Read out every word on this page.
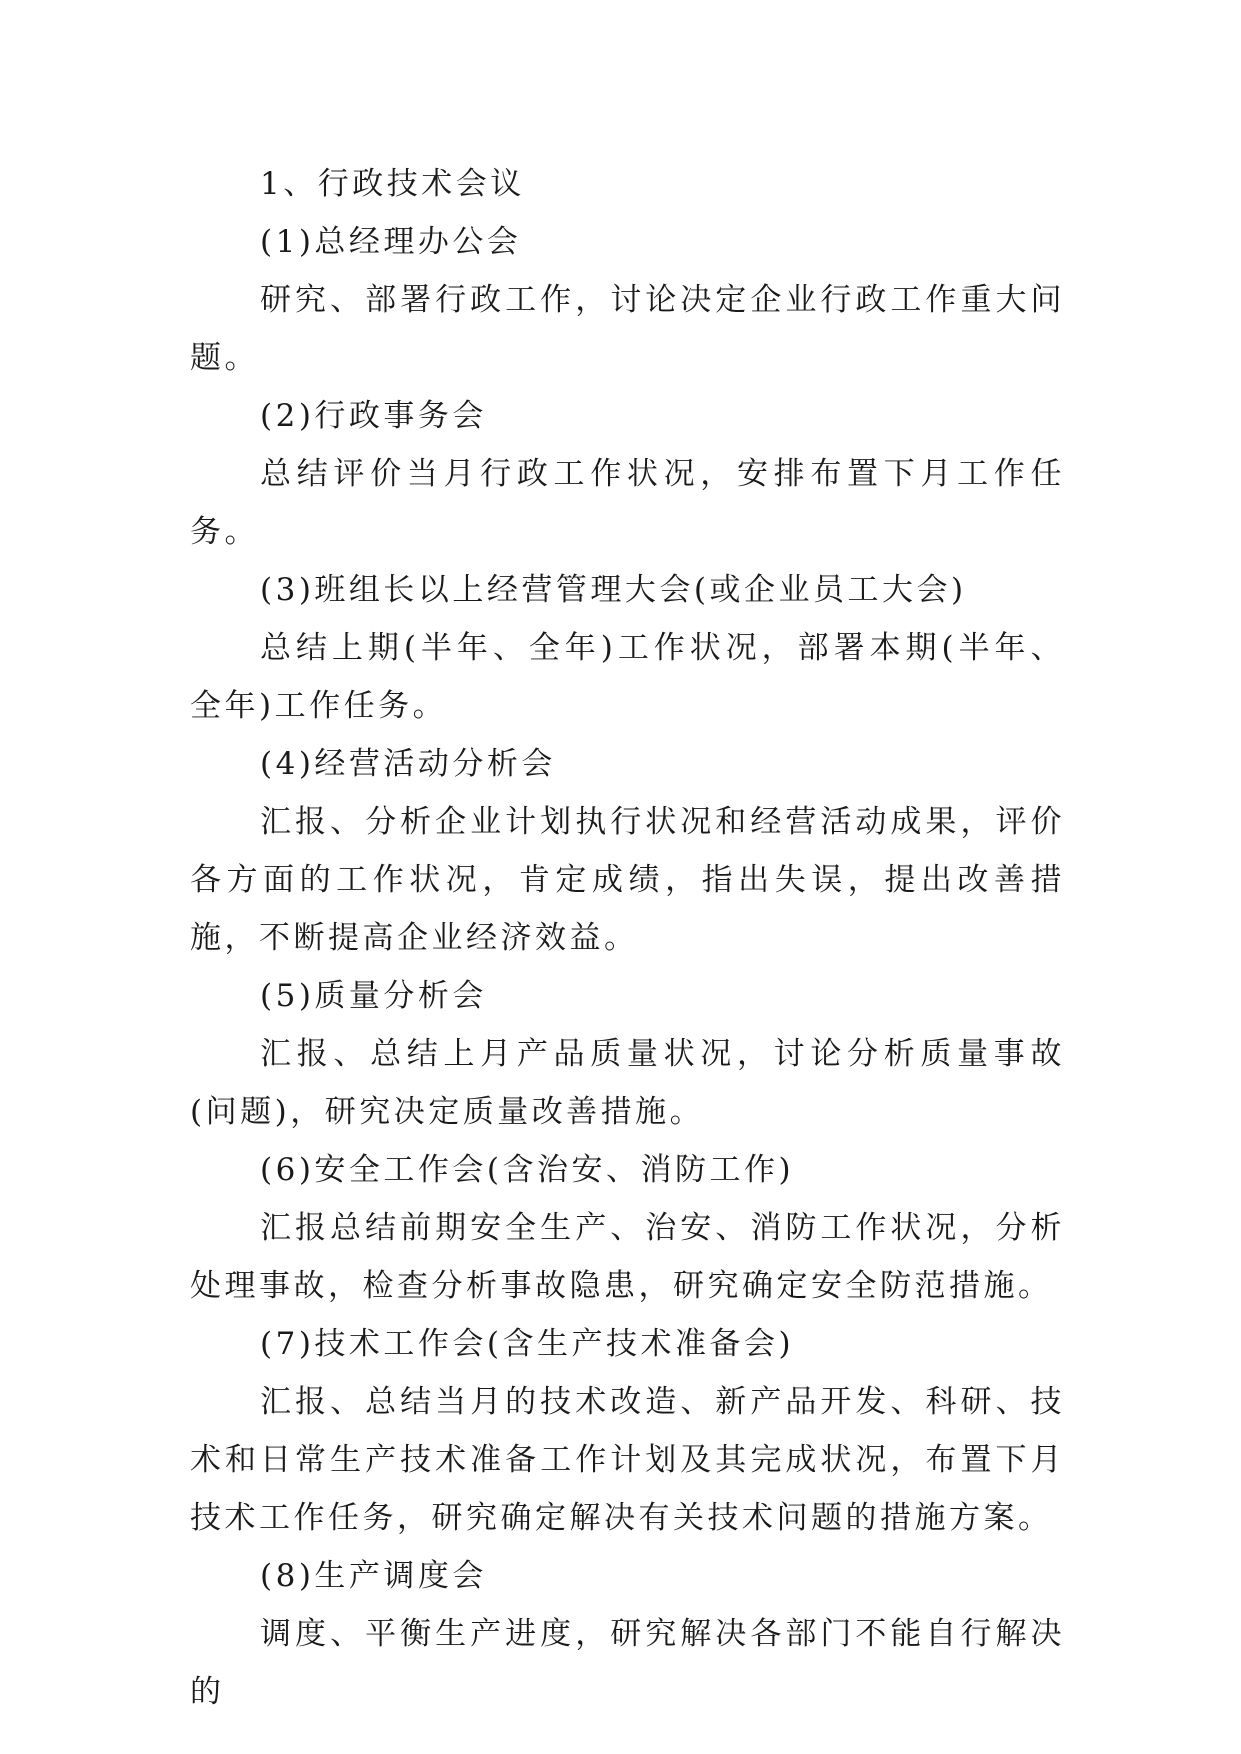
1、行政技术会议

(1)总经理办公会

研究、部署行政工作，讨论决定企业行政工作重大问题。

(2)行政事务会

总结评价当月行政工作状况，安排布置下月工作任务。

(3)班组长以上经营管理大会(或企业员工大会)

总结上期(半年、全年)工作状况，部署本期(半年、全年)工作任务。

(4)经营活动分析会

汇报、分析企业计划执行状况和经营活动成果，评价各方面的工作状况，肯定成绩，指出失误，提出改善措施，不断提高企业经济效益。

(5)质量分析会

汇报、总结上月产品质量状况，讨论分析质量事故(问题)，研究决定质量改善措施。

(6)安全工作会(含治安、消防工作)

汇报总结前期安全生产、治安、消防工作状况，分析处理事故，检查分析事故隐患，研究确定安全防范措施。

(7)技术工作会(含生产技术准备会)

汇报、总结当月的技术改造、新产品开发、科研、技术和日常生产技术准备工作计划及其完成状况，布置下月技术工作任务，研究确定解决有关技术问题的措施方案。

(8)生产调度会

调度、平衡生产进度，研究解决各部门不能自行解决的
